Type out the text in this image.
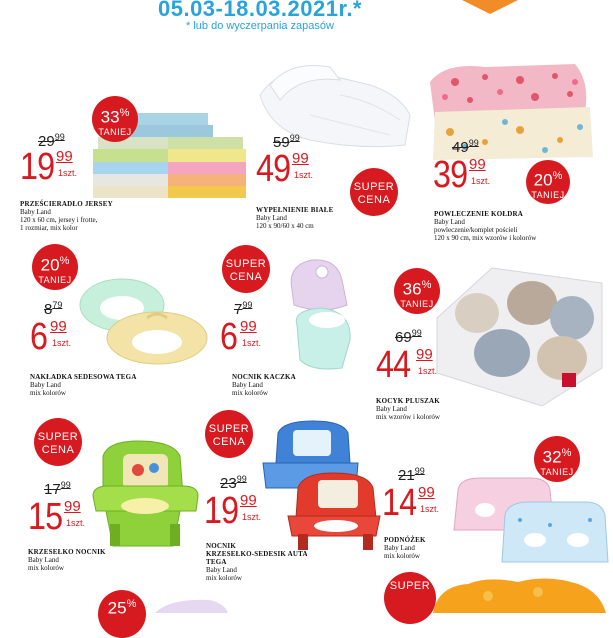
05.03-18.03.2021r.*
* lub do wyczerpania zapasów
33%
TANIEJ
$29^{99}$
19 99
1szt.
PRZEŚCIERADŁO JERSEY
Baby Land
120 x 60 cm, jersey i frotte,
1 rozmiar, mix kolor
$59^{99}$
49 99
1szt.
WYPEŁNIENIE BIAŁE
Baby Land
120 x 90/60 x 40 cm
SUPER
CENA
$49^{99}$
39 99
1szt.	20%
TANIEJ
POWLECZENIE KOŁDRA
Baby Land
powleczenie/komplet pościeli
120 x 90 cm, mix wzorów i kolorów
20%
TANIEJ
$8^{79}$
6 99
1szt.
NAKŁADKA SEDESOWA TEGA
Baby Land
mix kolorów
SUPER
CENA
$7^{99}$
6 99
1szt.
NOCNIK KACZKA
Baby Land
mix kolorów
36%
TANIEJ
$69^{99}$
44 99
1szt.
KOCYK PLUSZAK
Baby Land
mix wzorów i kolorów
SUPER
CENA
$17^{99}$
15 99
1szt.
KRZESEŁKO NOCNIK
Baby Land
mix kolorów
SUPER
CENA
$23^{99}$
19 99
1szt.
NOCNIK
KRZESEŁKO-SEDESIK AUTA
TEGA
Baby Land
mix kolorów
32%
TANIEJ
$21^{99}$
14 99
1szt.
PODNÓŻEK
Baby Land
mix kolorów
25%
SUPER
